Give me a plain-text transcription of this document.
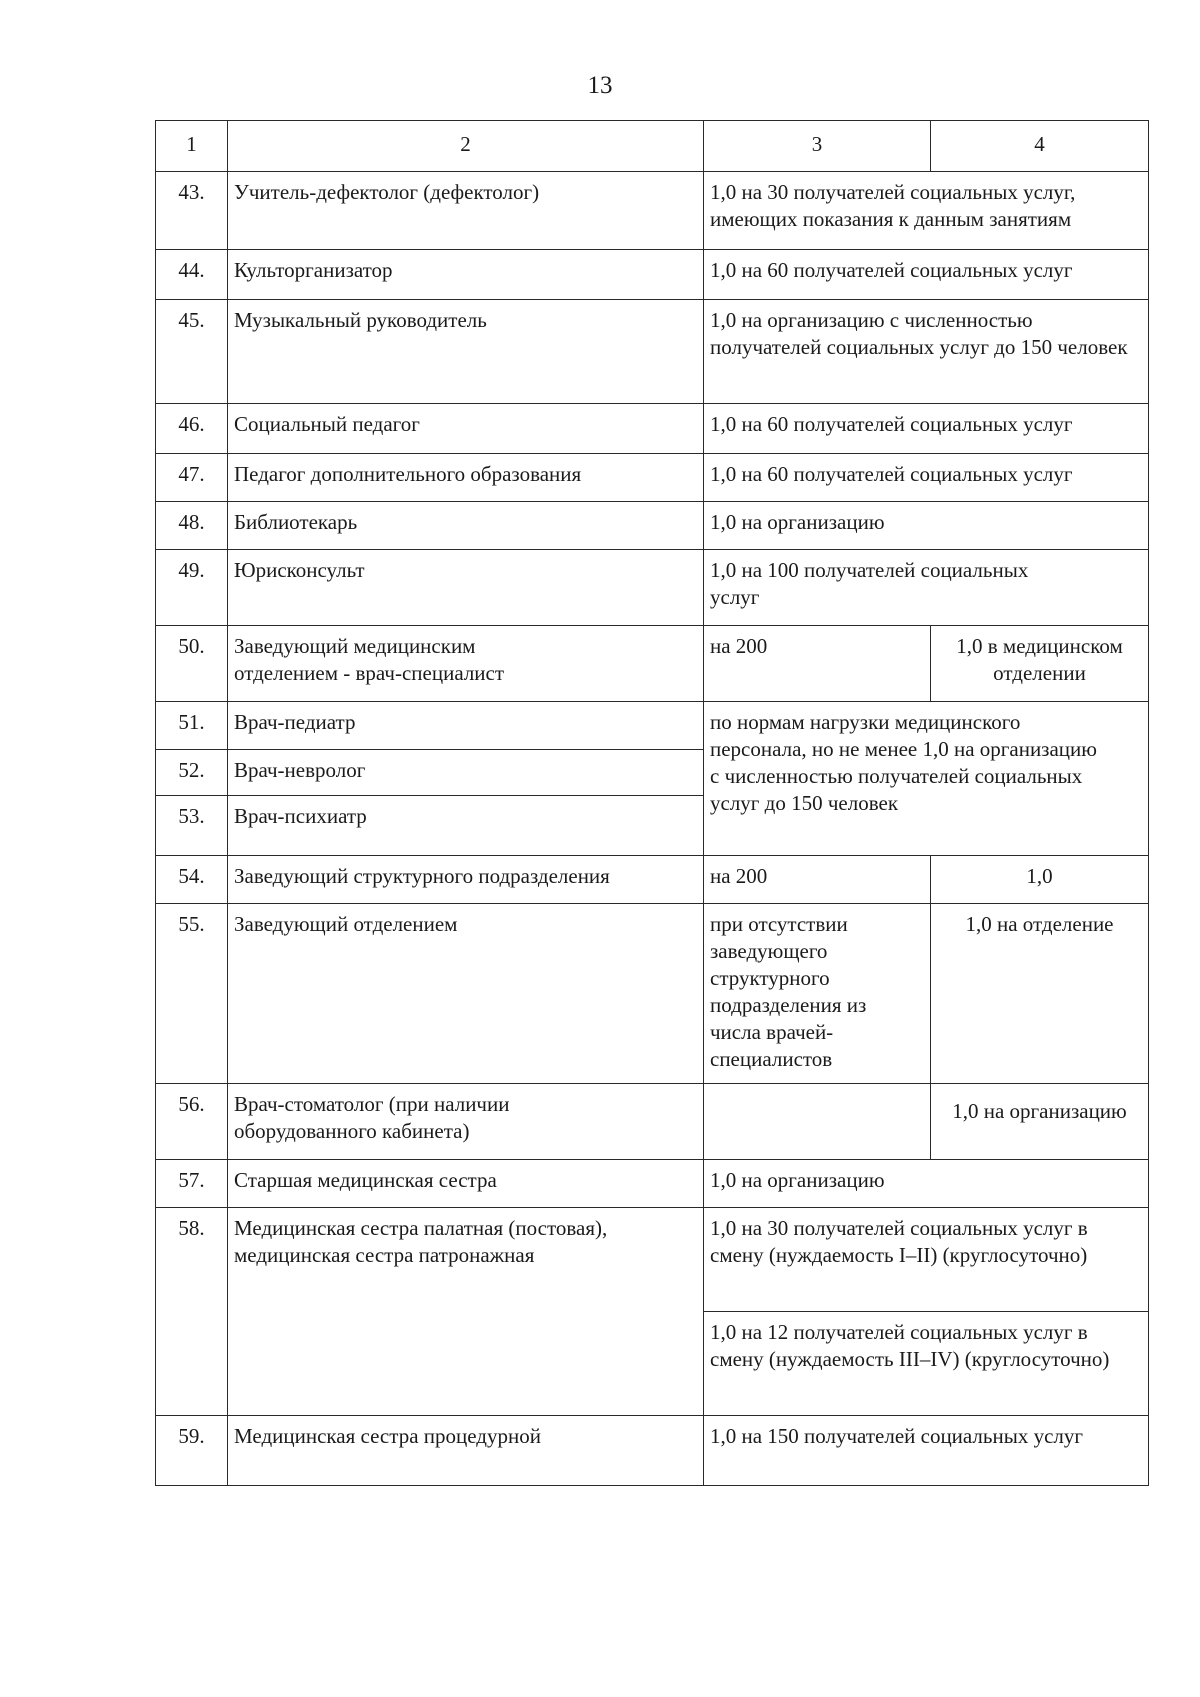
13
1	2	3	4
43.	Учитель-дефектолог (дефектолог)	1,0 на 30 получателей социальных услуг, имеющих показания к данным занятиям	
44.	Культорганизатор	1,0 на 60 получателей социальных услуг	
45.	Музыкальный руководитель	1,0 на организацию с численностью получателей социальных услуг до 150 человек	
46.	Социальный педагог	1,0 на 60 получателей социальных услуг	
47.	Педагог дополнительного образования	1,0 на 60 получателей социальных услуг	
48.	Библиотекарь	1,0 на организацию	
49.	Юрисконсульт	1,0 на 100 получателей социальных услуг	
50.	Заведующий медицинским отделением - врач-специалист	на 200	1,0 в медицинском отделении
51.	Врач-педиатр	по нормам нагрузки медицинского персонала, но не менее 1,0 на организацию с численностью получателей социальных услуг до 150 человек	
52.	Врач-невролог		
53.	Врач-психиатр		
54.	Заведующий структурного подразделения	на 200	1,0
55.	Заведующий отделением	при отсутствии заведующего структурного подразделения из числа врачей-специалистов	1,0 на отделение
56.	Врач-стоматолог (при наличии оборудованного кабинета)		1,0 на организацию
57.	Старшая медицинская сестра	1,0 на организацию	
58.	Медицинская сестра палатная (постовая), медицинская сестра патронажная	1,0 на 30 получателей социальных услуг в смену (нуждаемость I–II) (круглосуточно)	
		1,0 на 12 получателей социальных услуг в смену (нуждаемость III–IV) (круглосуточно)	
59.	Медицинская сестра процедурной	1,0 на 150 получателей социальных услуг	
